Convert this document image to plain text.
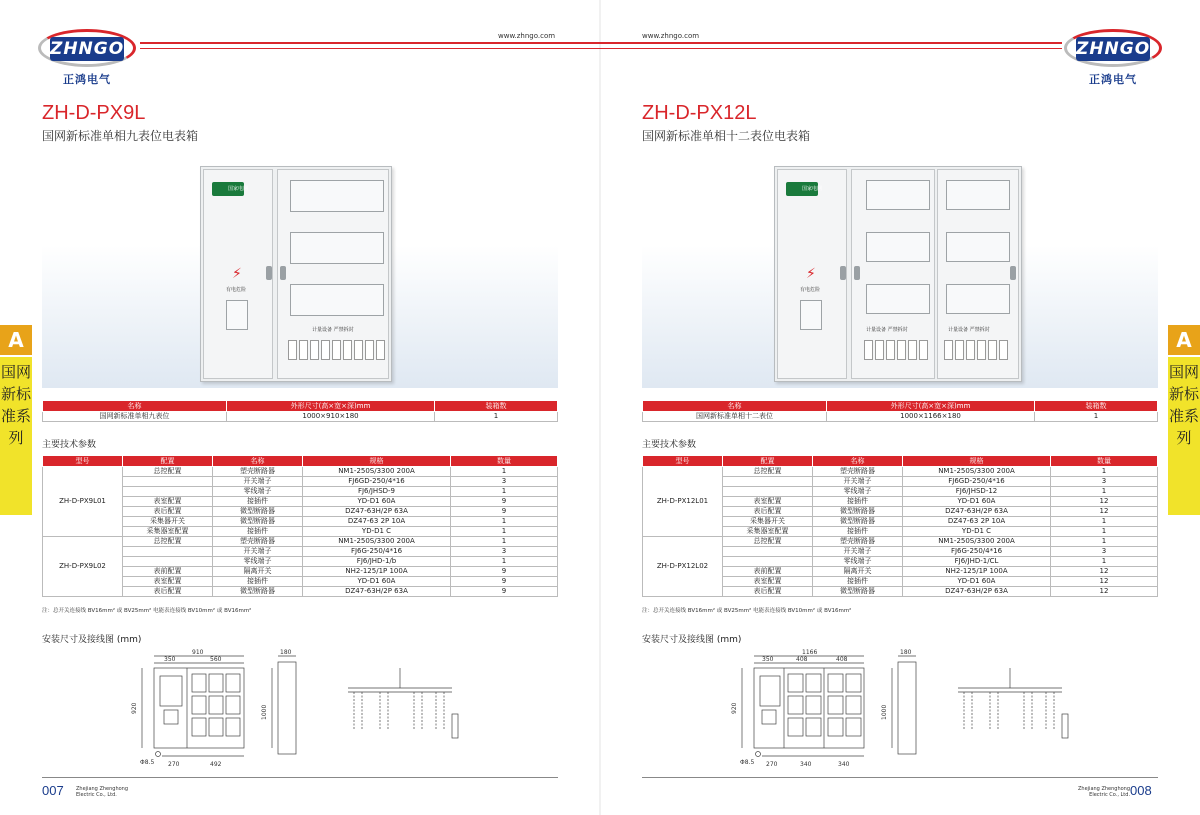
ZHNGO
正鸿电气
www.zhngo.com
ZH-D-PX9L
国网新标准单相九表位电表箱
国家电网
⚡
有电危险
计量设备 严禁拆封
名称	外形尺寸(高×宽×深)mm	装箱数
国网新标准单相九表位	1000×910×180	1
主要技术参数
型号	配置	名称	规格	数量
ZH-D-PX9L01	总控配置	塑壳断路器	NM1-250S/3300 200A	1
		开关端子	FJ6GD-250/4*16	3
		零线端子	FJ6/JHSD-9	1
	表室配置	接插件	YD-D1 60A	9
	表后配置	微型断路器	DZ47-63H/2P 63A	9
	采集器开关	微型断路器	DZ47-63 2P 10A	1
	采集器室配置	接插件	YD-D1 C	1
ZH-D-PX9L02	总控配置	塑壳断路器	NM1-250S/3300 200A	1
		开关端子	FJ6G-250/4*16	3
		零线端子	FJ6/JHD-1/b	1
	表前配置	隔离开关	NH2-125/1P 100A	9
	表室配置	接插件	YD-D1 60A	9
	表后配置	微型断路器	DZ47-63H/2P 63A	9
注：总开关连接线 BV16mm² 或 BV25mm² 电能表连接线 BV10mm² 或 BV16mm²
安装尺寸及接线图 (mm)
910
350	560
920	1000
180
270	492
Φ8.5
007 Zhejiang Zhenghong
Electric Co., Ltd.
A
国网新标准系列
www.zhngo.com
ZHNGO
正鸿电气
ZH-D-PX12L
国网新标准单相十二表位电表箱
国家电网
⚡
有电危险
计量设备 严禁拆封	计量设备 严禁拆封
名称	外形尺寸(高×宽×深)mm	装箱数
国网新标准单相十二表位	1000×1166×180	1
主要技术参数
型号	配置	名称	规格	数量
ZH-D-PX12L01	总控配置	塑壳断路器	NM1-250S/3300 200A	1
		开关端子	FJ6GD-250/4*16	3
		零线端子	FJ6/JHSD-12	1
	表室配置	接插件	YD-D1 60A	12
	表后配置	微型断路器	DZ47-63H/2P 63A	12
	采集器开关	微型断路器	DZ47-63 2P 10A	1
	采集器室配置	接插件	YD-D1 C	1
ZH-D-PX12L02	总控配置	塑壳断路器	NM1-250S/3300 200A	1
		开关端子	FJ6G-250/4*16	3
		零线端子	FJ6/JHD-1/CL	1
	表前配置	隔离开关	NH2-125/1P 100A	12
	表室配置	接插件	YD-D1 60A	12
	表后配置	微型断路器	DZ47-63H/2P 63A	12
注：总开关连接线 BV16mm² 或 BV25mm² 电能表连接线 BV10mm² 或 BV16mm²
安装尺寸及接线图 (mm)
1166
350	408	408
920	1000
180
270	340	340
Φ8.5
Zhejiang Zhenghong
Electric Co., Ltd. 008
A
国网新标准系列
